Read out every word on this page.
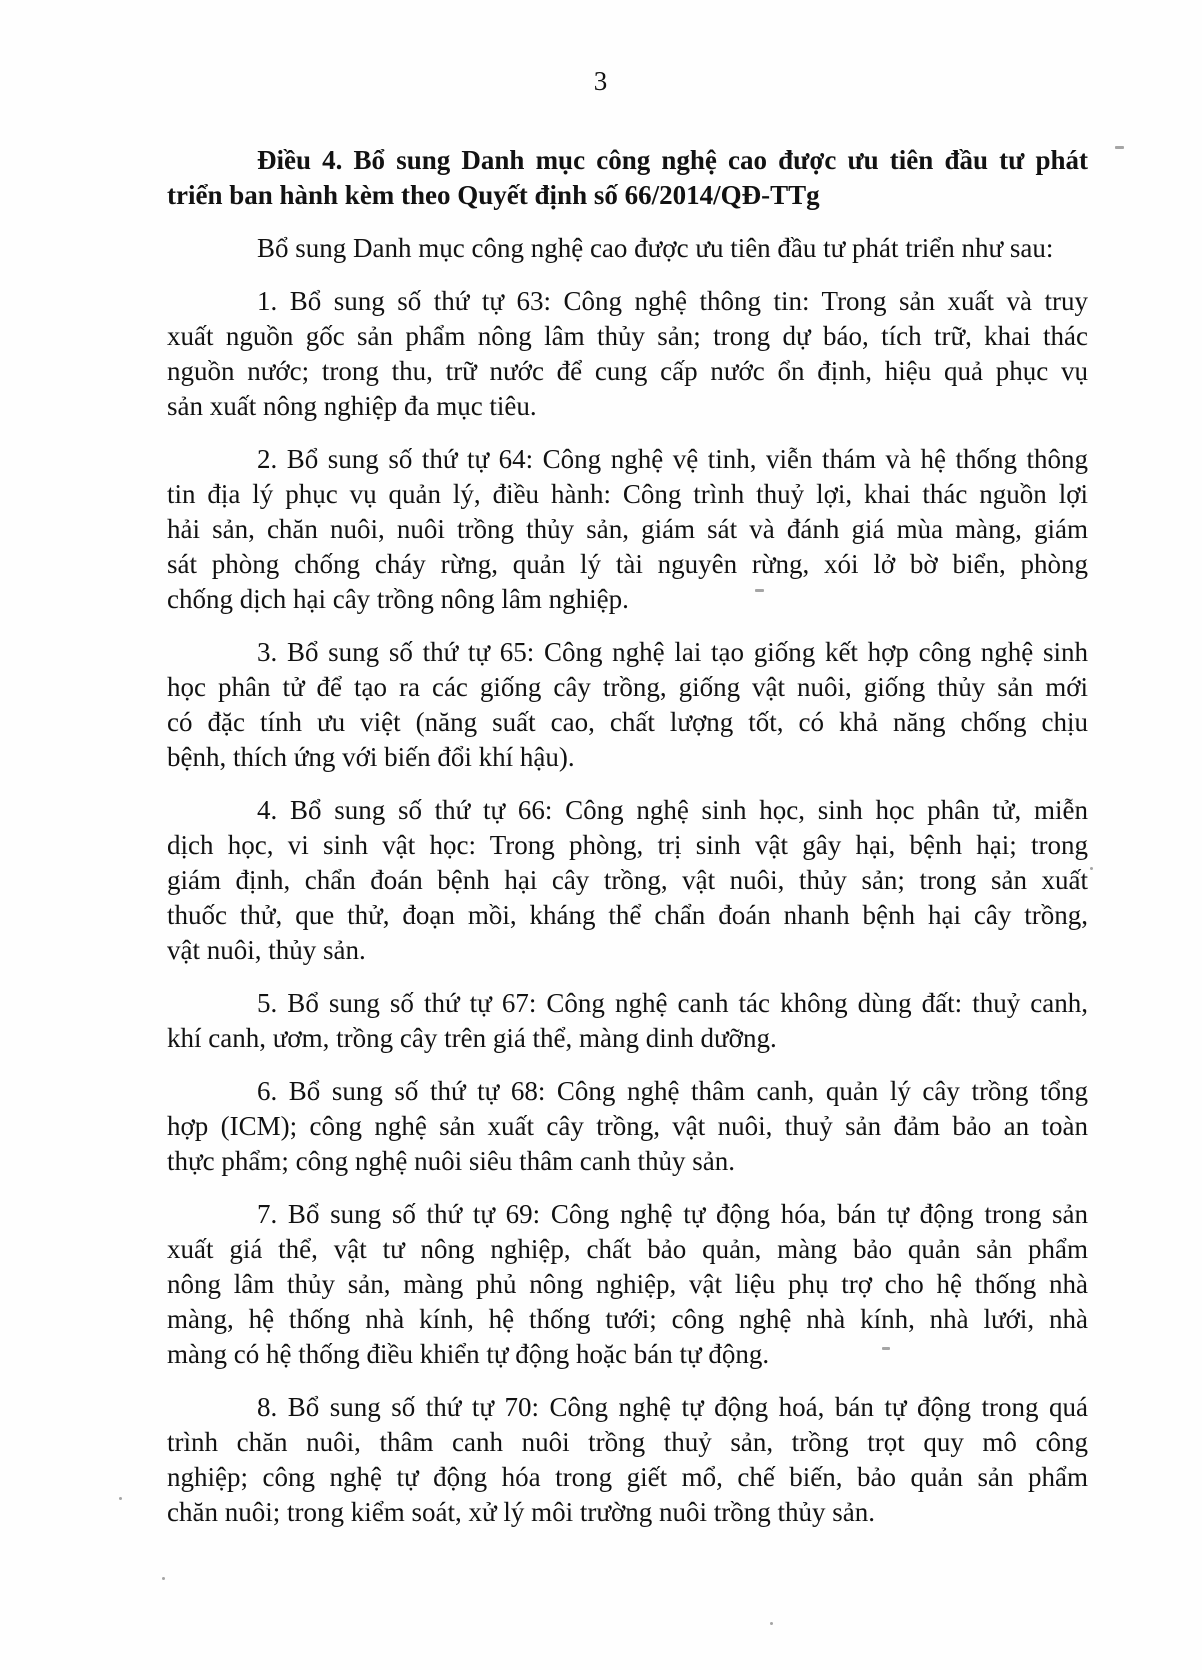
3
Điều 4. Bổ sung Danh mục công nghệ cao được ưu tiên đầu tư phát
triển ban hành kèm theo Quyết định số 66/2014/QĐ-TTg
Bổ sung Danh mục công nghệ cao được ưu tiên đầu tư phát triển như sau:
1. Bổ sung số thứ tự 63: Công nghệ thông tin: Trong sản xuất và truy
xuất nguồn gốc sản phẩm nông lâm thủy sản; trong dự báo, tích trữ, khai thác
nguồn nước; trong thu, trữ nước để cung cấp nước ổn định, hiệu quả phục vụ
sản xuất nông nghiệp đa mục tiêu.
2. Bổ sung số thứ tự 64: Công nghệ vệ tinh, viễn thám và hệ thống thông
tin địa lý phục vụ quản lý, điều hành: Công trình thuỷ lợi, khai thác nguồn lợi
hải sản, chăn nuôi, nuôi trồng thủy sản, giám sát và đánh giá mùa màng, giám
sát phòng chống cháy rừng, quản lý tài nguyên rừng, xói lở bờ biển, phòng
chống dịch hại cây trồng nông lâm nghiệp.
3. Bổ sung số thứ tự 65: Công nghệ lai tạo giống kết hợp công nghệ sinh
học phân tử để tạo ra các giống cây trồng, giống vật nuôi, giống thủy sản mới
có đặc tính ưu việt (năng suất cao, chất lượng tốt, có khả năng chống chịu
bệnh, thích ứng với biến đổi khí hậu).
4. Bổ sung số thứ tự 66: Công nghệ sinh học, sinh học phân tử, miễn
dịch học, vi sinh vật học: Trong phòng, trị sinh vật gây hại, bệnh hại; trong
giám định, chẩn đoán bệnh hại cây trồng, vật nuôi, thủy sản; trong sản xuất
thuốc thử, que thử, đoạn mồi, kháng thể chẩn đoán nhanh bệnh hại cây trồng,
vật nuôi, thủy sản.
5. Bổ sung số thứ tự 67: Công nghệ canh tác không dùng đất: thuỷ canh,
khí canh, ươm, trồng cây trên giá thể, màng dinh dưỡng.
6. Bổ sung số thứ tự 68: Công nghệ thâm canh, quản lý cây trồng tổng
hợp (ICM); công nghệ sản xuất cây trồng, vật nuôi, thuỷ sản đảm bảo an toàn
thực phẩm; công nghệ nuôi siêu thâm canh thủy sản.
7. Bổ sung số thứ tự 69: Công nghệ tự động hóa, bán tự động trong sản
xuất giá thể, vật tư nông nghiệp, chất bảo quản, màng bảo quản sản phẩm
nông lâm thủy sản, màng phủ nông nghiệp, vật liệu phụ trợ cho hệ thống nhà
màng, hệ thống nhà kính, hệ thống tưới; công nghệ nhà kính, nhà lưới, nhà
màng có hệ thống điều khiển tự động hoặc bán tự động.
8. Bổ sung số thứ tự 70: Công nghệ tự động hoá, bán tự động trong quá
trình chăn nuôi, thâm canh nuôi trồng thuỷ sản, trồng trọt quy mô công
nghiệp; công nghệ tự động hóa trong giết mổ, chế biến, bảo quản sản phẩm
chăn nuôi; trong kiểm soát, xử lý môi trường nuôi trồng thủy sản.
